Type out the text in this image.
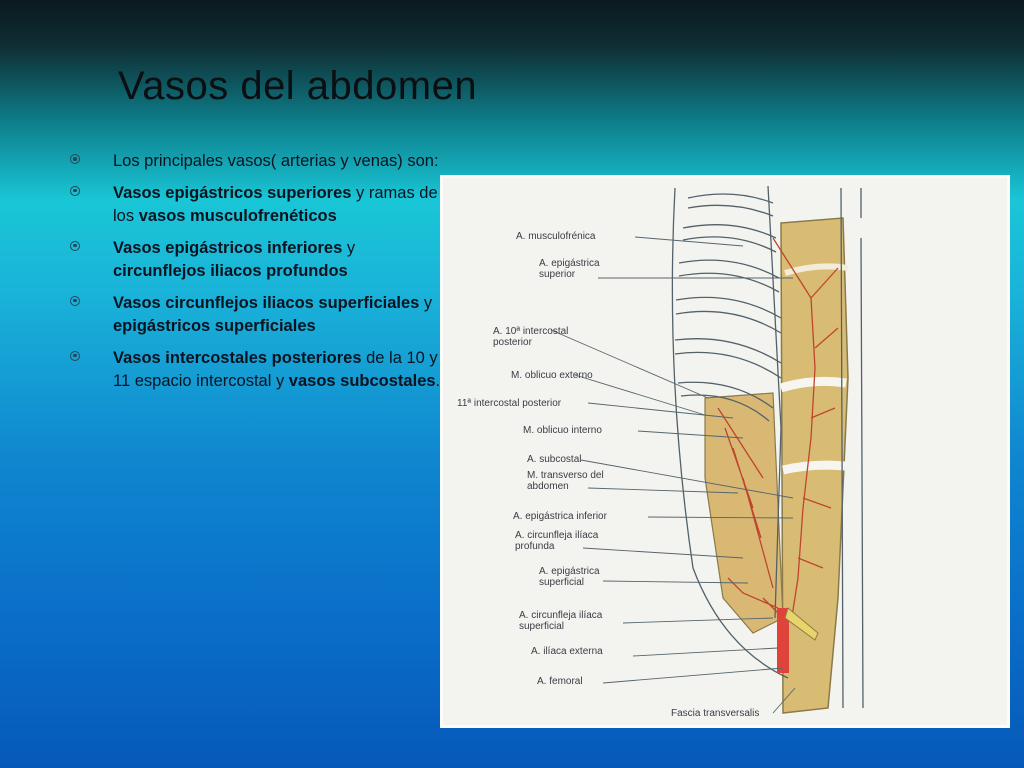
Vasos del abdomen
Los principales vasos( arterias y venas) son:
Vasos epigástricos superiores y ramas de los vasos musculofrenéticos
Vasos epigástricos inferiores y circunflejos iliacos profundos
Vasos circunflejos iliacos superficiales y epigástricos superficiales
Vasos intercostales posteriores de la 10 y 11 espacio intercostal y vasos subcostales.
A. musculofrénica
A. epigástrica superior
A. 10ª intercostal posterior
M. oblicuo externo
11ª intercostal posterior
M. oblicuo interno
A. subcostal
M. transverso del abdomen
A. epigástrica inferior
A. circunfleja ilíaca profunda
A. epigástrica superficial
A. circunfleja ilíaca superficial
A. ilíaca externa
A. femoral
Fascia transversalis
